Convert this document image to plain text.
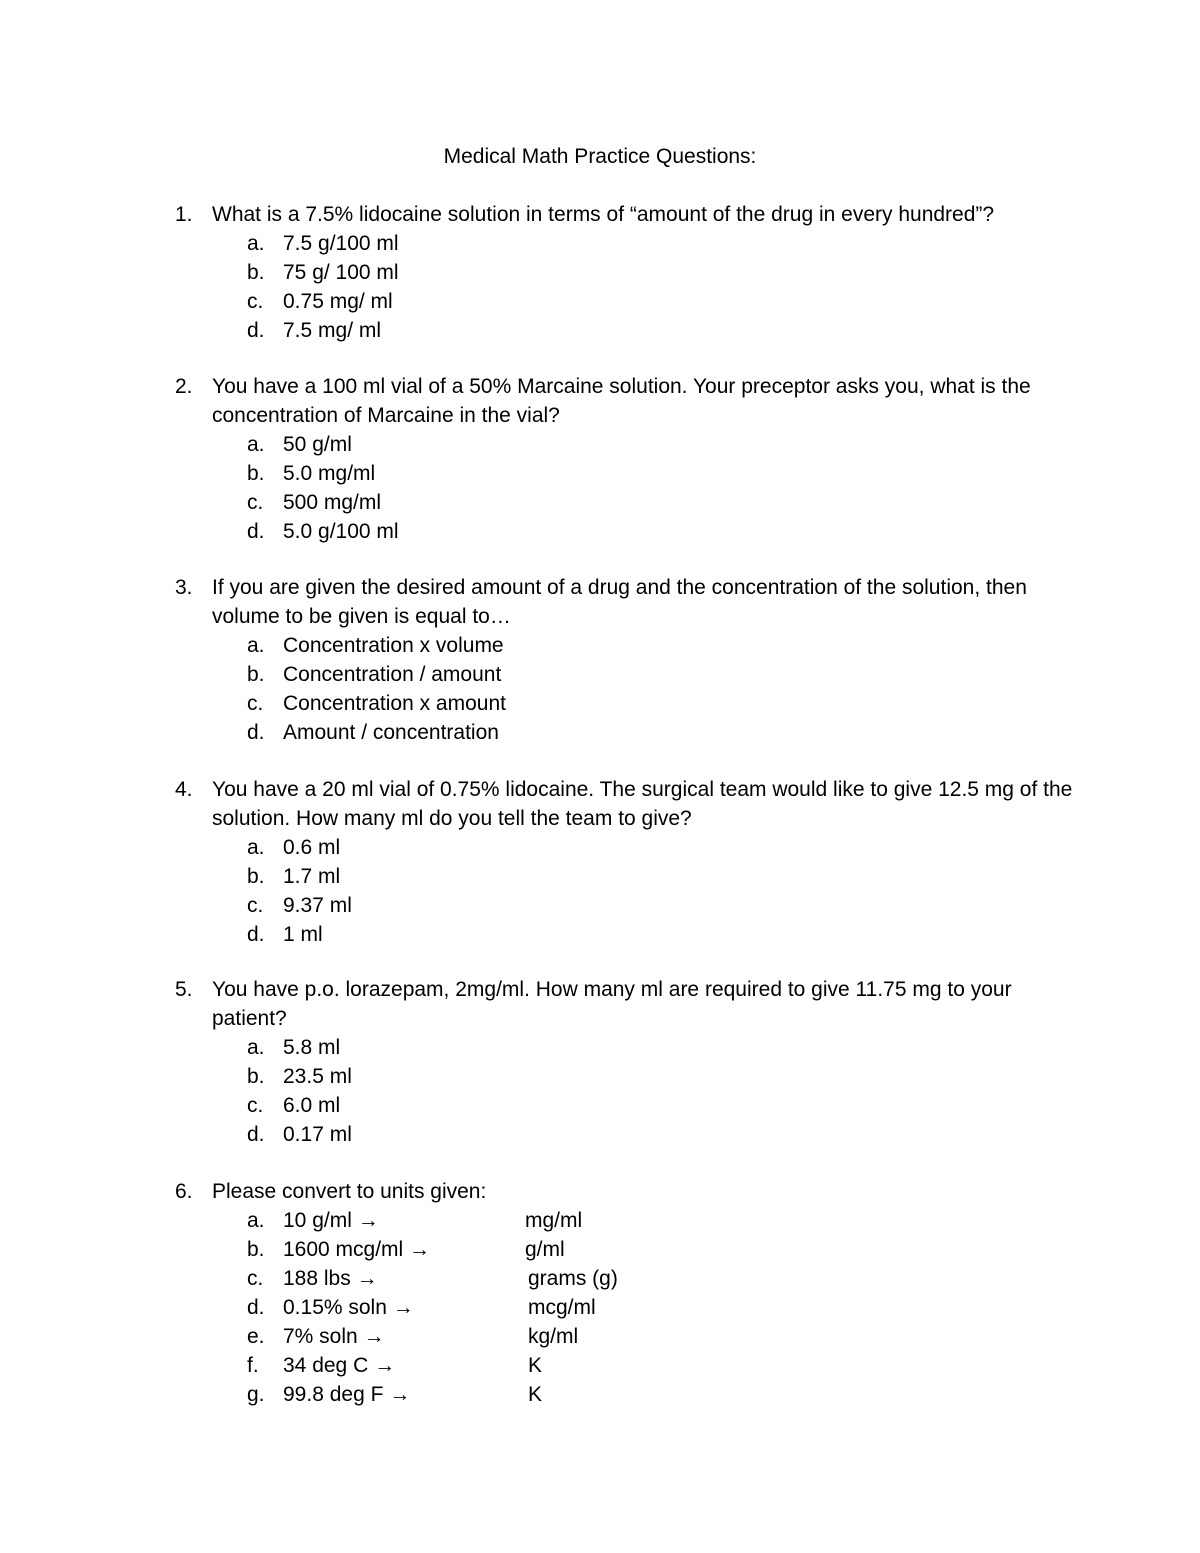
Medical Math Practice Questions:
1. What is a 7.5% lidocaine solution in terms of “amount of the drug in every hundred”?
a. 7.5 g/100 ml
b. 75 g/ 100 ml
c. 0.75 mg/ ml
d. 7.5 mg/ ml
2. You have a 100 ml vial of a 50% Marcaine solution. Your preceptor asks you, what is the concentration of Marcaine in the vial?
a. 50 g/ml
b. 5.0 mg/ml
c. 500 mg/ml
d. 5.0 g/100 ml
3. If you are given the desired amount of a drug and the concentration of the solution, then volume to be given is equal to…
a. Concentration x volume
b. Concentration / amount
c. Concentration x amount
d. Amount / concentration
4. You have a 20 ml vial of 0.75% lidocaine. The surgical team would like to give 12.5 mg of the solution. How many ml do you tell the team to give?
a. 0.6 ml
b. 1.7 ml
c. 9.37 ml
d. 1 ml
5. You have p.o. lorazepam, 2mg/ml. How many ml are required to give 11.75 mg to your patient?
a. 5.8 ml
b. 23.5 ml
c. 6.0 ml
d. 0.17 ml
6. Please convert to units given:
a. 10 g/ml →	mg/ml
b. 1600 mcg/ml →	g/ml
c. 188 lbs →	grams (g)
d. 0.15% soln →	mcg/ml
e. 7% soln →	kg/ml
f. 34 deg C →	K
g. 99.8 deg F →	K
